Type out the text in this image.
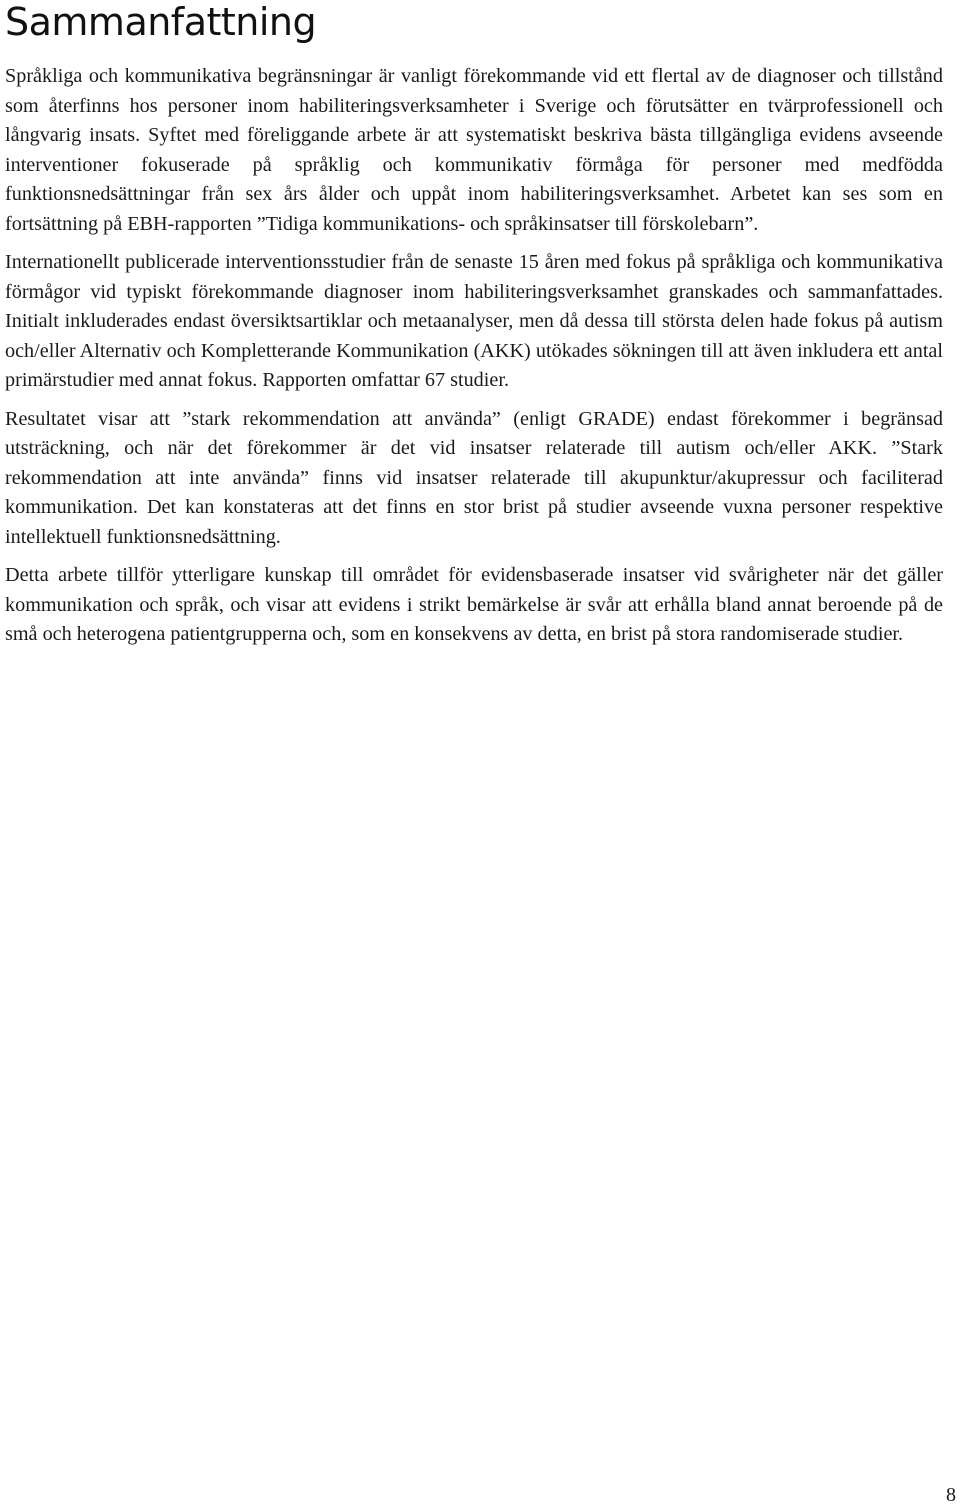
Sammanfattning

Språkliga och kommunikativa begränsningar är vanligt förekommande vid ett flertal av de diagnoser och tillstånd som återfinns hos personer inom habiliteringsverksamheter i Sverige och förutsätter en tvärprofessionell och långvarig insats. Syftet med föreliggande arbete är att systematiskt beskriva bästa tillgängliga evidens avseende interventioner fokuserade på språklig och kommunikativ förmåga för personer med medfödda funktionsnedsättningar från sex års ålder och uppåt inom habiliteringsverksamhet. Arbetet kan ses som en fortsättning på EBH-rapporten ”Tidiga kommunikations- och språkinsatser till förskolebarn”.

Internationellt publicerade interventionsstudier från de senaste 15 åren med fokus på språkliga och kommunikativa förmågor vid typiskt förekommande diagnoser inom habiliteringsverksamhet granskades och sammanfattades. Initialt inkluderades endast översiktsartiklar och metaanalyser, men då dessa till största delen hade fokus på autism och/eller Alternativ och Kompletterande Kommunikation (AKK) utökades sökningen till att även inkludera ett antal primärstudier med annat fokus. Rapporten omfattar 67 studier.

Resultatet visar att ”stark rekommendation att använda” (enligt GRADE) endast förekommer i begränsad utsträckning, och när det förekommer är det vid insatser relaterade till autism och/eller AKK. ”Stark rekommendation att inte använda” finns vid insatser relaterade till akupunktur/akupressur och faciliterad kommunikation. Det kan konstateras att det finns en stor brist på studier avseende vuxna personer respektive intellektuell funktionsnedsättning.

Detta arbete tillför ytterligare kunskap till området för evidensbaserade insatser vid svårigheter när det gäller kommunikation och språk, och visar att evidens i strikt bemärkelse är svår att erhålla bland annat beroende på de små och heterogena patientgrupperna och, som en konsekvens av detta, en brist på stora randomiserade studier.

8
